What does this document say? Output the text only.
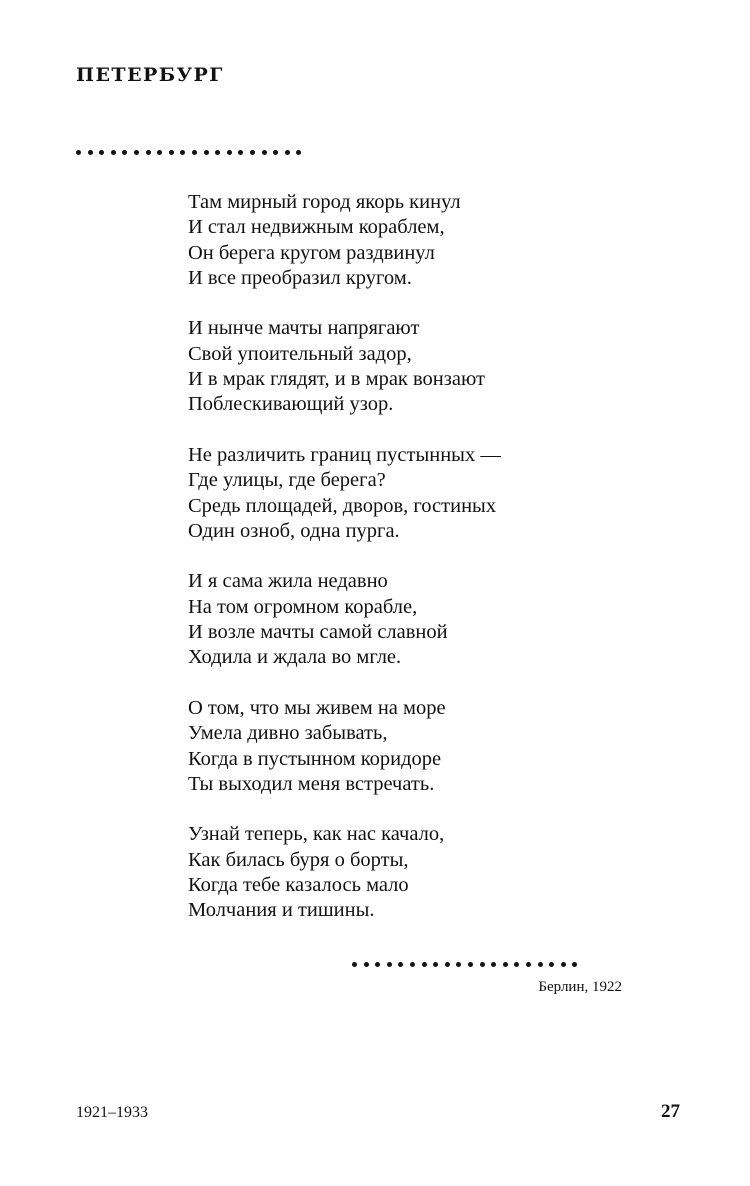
ПЕТЕРБУРГ
Там мирный город якорь кинул
И стал недвижным кораблем,
Он берега кругом раздвинул
И все преобразил кругом.
И нынче мачты напрягают
Свой упоительный задор,
И в мрак глядят, и в мрак вонзают
Поблескивающий узор.
Не различить границ пустынных —
Где улицы, где берега?
Средь площадей, дворов, гостиных
Один озноб, одна пурга.
И я сама жила недавно
На том огромном корабле,
И возле мачты самой славной
Ходила и ждала во мгле.
О том, что мы живем на море
Умела дивно забывать,
Когда в пустынном коридоре
Ты выходил меня встречать.
Узнай теперь, как нас качало,
Как билась буря о борты,
Когда тебе казалось мало
Молчания и тишины.
Берлин, 1922
1921–1933	27
